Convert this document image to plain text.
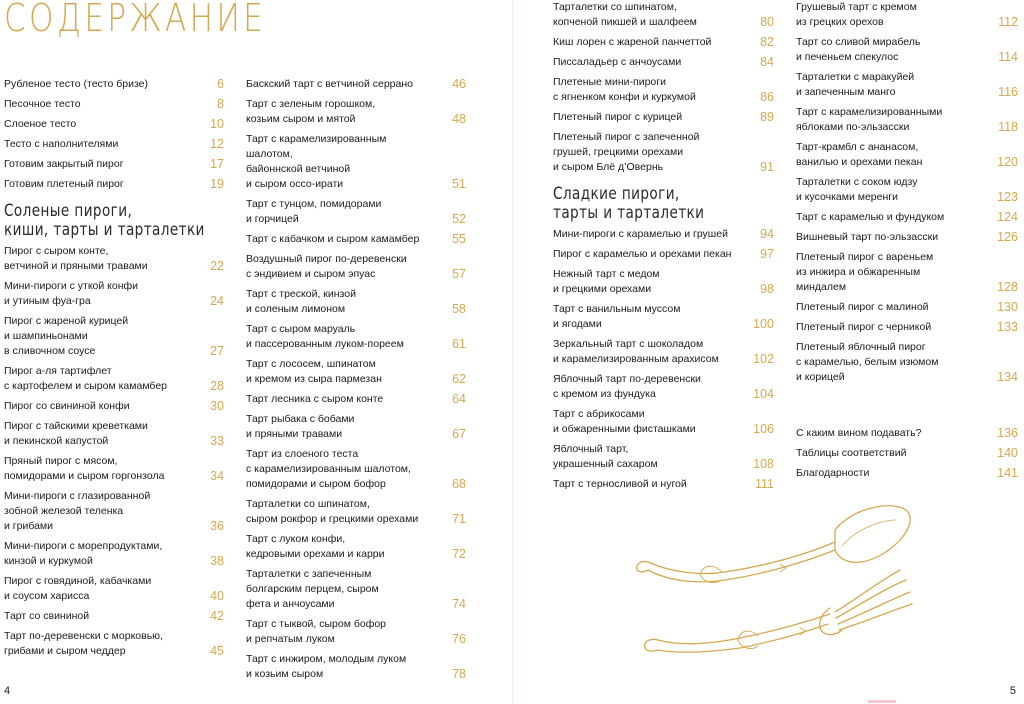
СОДЕРЖАНИЕ
Рубленое тесто (тесто бризе)	6
Песочное тесто	8
Слоеное тесто	10
Тесто с наполнителями	12
Готовим закрытый пирог	17
Готовим плетеный пирог	19
Соленые пироги,
киши, тарты и тарталетки
Пирог с сыром конте,
ветчиной и пряными травами	22
Мини-пироги с уткой конфи
и утиным фуа-гра	24
Пирог с жареной курицей
и шампиньонами
в сливочном соусе	27
Пирог а-ля тартифлет
с картофелем и сыром камамбер	28
Пирог со свининой конфи	30
Пирог с тайскими креветками
и пекинской капустой	33
Пряный пирог с мясом,
помидорами и сыром горгонзола	34
Мини-пироги с глазированной
зобной железой теленка
и грибами	36
Мини-пироги с морепродуктами,
кинзой и куркумой	38
Пирог с говядиной, кабачками
и соусом харисса	40
Тарт со свининой	42
Тарт по-деревенски с морковью,
грибами и сыром чеддер	45
Баскский тарт с ветчиной серрано	46
Тарт с зеленым горошком,
козьим сыром и мятой	48
Тарт с карамелизированным шалотом,
байоннской ветчиной
и сыром оссо-ирати	51
Тарт с тунцом, помидорами
и горчицей	52
Тарт с кабачком и сыром камамбер	55
Воздушный пирог по-деревенски
с эндивием и сыром эпуас	57
Тарт с треской, кинзой
и соленым лимоном	58
Тарт с сыром маруаль
и пассерованным луком-пореем	61
Тарт с лососем, шпинатом
и кремом из сыра пармезан	62
Тарт лесника с сыром конте	64
Тарт рыбака с бобами
и пряными травами	67
Тарт из слоеного теста
с карамелизированным шалотом,
помидорами и сыром бофор	68
Тарталетки со шпинатом,
сыром рокфор и грецкими орехами	71
Тарт с луком конфи,
кедровыми орехами и карри	72
Тарталетки с запеченным
болгарским перцем, сыром
фета и анчоусами	74
Тарт с тыквой, сыром бофор
и репчатым луком	76
Тарт с инжиром, молодым луком
и козьим сыром	78
Тарталетки со шпинатом,
копченой пикшей и шалфеем	80
Киш лорен с жареной панчеттой	82
Писсаладьер с анчоусами	84
Плетеные мини-пироги
с ягненком конфи и куркумой	86
Плетеный пирог с курицей	89
Плетеный пирог с запеченной
грушей, грецкими орехами
и сыром Блё д’Овернь	91
Сладкие пироги,
тарты и тарталетки
Мини-пироги с карамелью и грушей	94
Пирог с карамелью и орехами пекан	97
Нежный тарт с медом
и грецкими орехами	98
Тарт с ванильным муссом
и ягодами	100
Зеркальный тарт с шоколадом
и карамелизированным арахисом	102
Яблочный тарт по-деревенски
с кремом из фундука	104
Тарт с абрикосами
и обжаренными фисташками	106
Яблочный тарт,
украшенный сахаром	108
Тарт с терносливой и нугой	111
Грушевый тарт с кремом
из грецких орехов	112
Тарт со сливой мирабель
и печеньем спекулос	114
Тарталетки с маракуйей
и запеченным манго	116
Тарт с карамелизированными
яблоками по-эльзасски	118
Тарт-крамбл с ананасом,
ванилью и орехами пекан	120
Тарталетки с соком юдзу
и кусочками меренги	123
Тарт с карамелью и фундуком	124
Вишневый тарт по-эльзасски	126
Плетеный пирог с вареньем
из инжира и обжаренным
миндалем	128
Плетеный пирог с малиной	130
Плетеный пирог с черникой	133
Плетеный яблочный пирог
с карамелью, белым изюмом
и корицей	134
С каким вином подавать?	136
Таблицы соответствий	140
Благодарности	141
4	5
